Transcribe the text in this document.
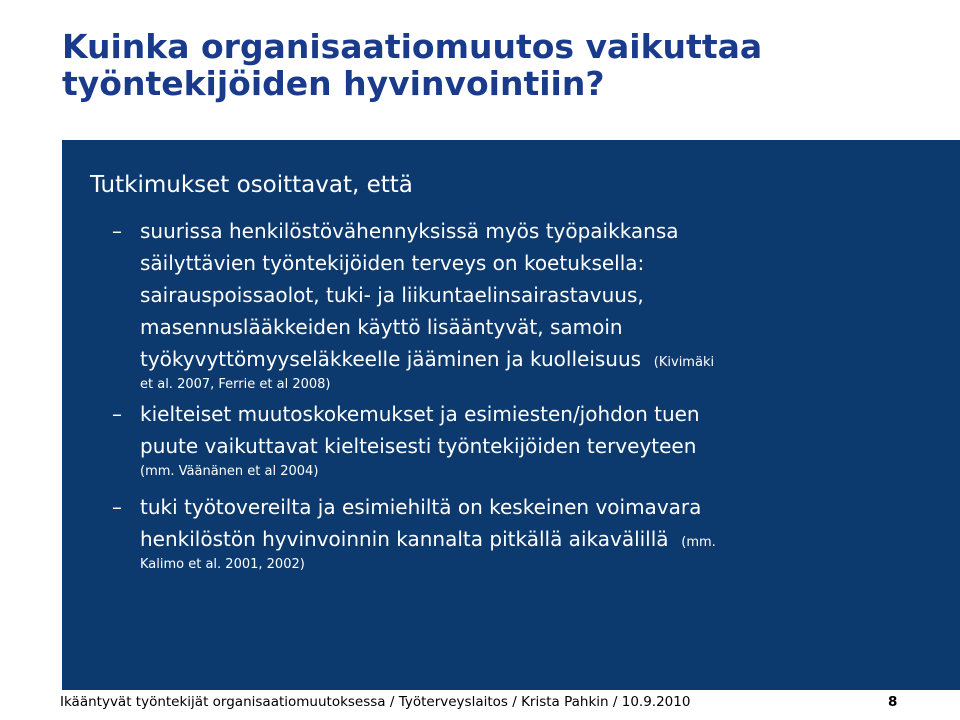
Kuinka organisaatiomuutos vaikuttaa
työntekijöiden hyvinvointiin?
Tutkimukset osoittavat, että
– suurissa henkilöstövähennyksissä myös työpaikkansa
säilyttävien työntekijöiden terveys on koetuksella:
sairauspoissaolot, tuki- ja liikuntaelinsairastavuus,
masennuslääkkeiden käyttö lisääntyvät, samoin
työkyvyttömyyseläkkeelle jääminen ja kuolleisuus (Kivimäki
et al. 2007, Ferrie et al 2008)
– kielteiset muutoskokemukset ja esimiesten/johdon tuen
puute vaikuttavat kielteisesti työntekijöiden terveyteen
(mm. Väänänen et al 2004)
– tuki työtovereilta ja esimiehiltä on keskeinen voimavara
henkilöstön hyvinvoinnin kannalta pitkällä aikavälillä (mm.
Kalimo et al. 2001, 2002)
Ikääntyvät työntekijät organisaatiomuutoksessa / Työterveyslaitos / Krista Pahkin / 10.9.2010	8
